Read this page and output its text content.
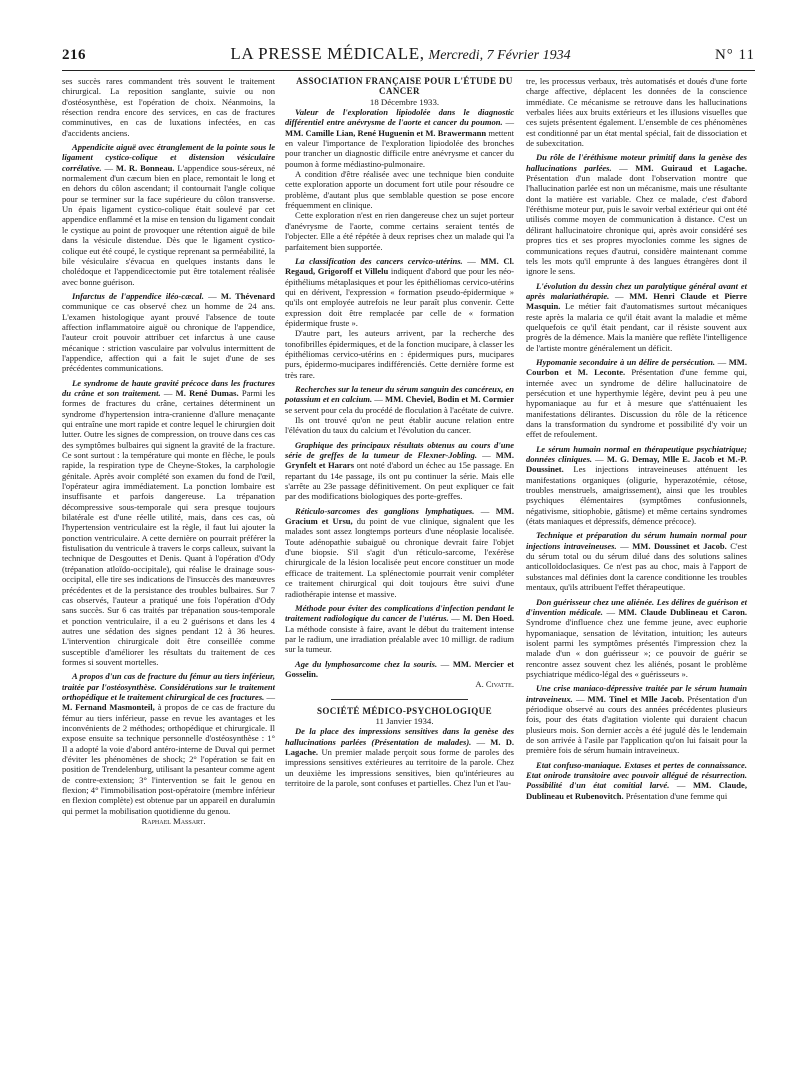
216	LA PRESSE MÉDICALE, Mercredi, 7 Février 1934	N° 11

ses succès rares commandent très souvent le traitement chirurgical. La reposition sanglante, suivie ou non d'ostéosynthèse, est l'opération de choix. Néanmoins, la résection rendra encore des services, en cas de fractures comminutives, en cas de luxations infectées, en cas d'accidents anciens.

Appendicite aiguë avec étranglement de la pointe sous le ligament cystico-colique et distension vésiculaire corrélative. — M. R. Bonneau. L'appendice sous-séreux, né normalement d'un cæcum bien en place, remontait le long et en dehors du côlon ascendant; il contournait l'angle colique pour se terminer sur la face supérieure du côlon transverse. Un épais ligament cystico-colique était soulevé par cet appendice enflammé et la mise en tension du ligament condait le cystique au point de provoquer une rétention aiguë de bile dans la vésicule distendue. Dès que le ligament cystico-colique eut été coupé, le cystique reprenant sa perméabilité, la bile vésiculaire s'évacua en quelques instants dans le cholédoque et l'appendicectomie put être totalement réalisée avec bonne guérison.

Infarctus de l'appendice iléo-cæcal. — M. Thévenard communique ce cas observé chez un homme de 24 ans. L'examen histologique ayant prouvé l'absence de toute affection inflammatoire aiguë ou chronique de l'appendice, l'auteur croit pouvoir attribuer cet infarctus à une cause mécanique : striction vasculaire par volvulus intermittent de l'appendice, affection qui a fait le sujet d'une de ses précédentes communications.

Le syndrome de haute gravité précoce dans les fractures du crâne et son traitement. — M. René Dumas. Parmi les formes de fractures du crâne, certaines déterminent un syndrome d'hypertension intra-cranienne d'allure menaçante qui entraîne une mort rapide et contre lequel le chirurgien doit lutter. Outre les signes de compression, on trouve dans ces cas des symptômes bulbaires qui signent la gravité de la fracture. Ce sont surtout : la température qui monte en flèche, le pouls rapide, la respiration type de Cheyne-Stokes, la carphologie génitale. Après avoir complété son examen du fond de l'œil, l'opérateur agira immédiatement. La ponction lombaire est insuffisante et parfois dangereuse. La trépanation décompressive sous-temporale qui sera presque toujours bilatérale est d'une réelle utilité, mais, dans ces cas, où l'hypertension ventriculaire est la règle, il faut lui ajouter la ponction ventriculaire. A cette dernière on pourrait préférer la fistulisation du ventricule à travers le corps calleux, suivant la technique de Desgouttes et Denis. Quant à l'opération d'Ody (trépanation atloïdo-occipitale), qui réalise le drainage sous-occipital, elle tire ses indications de l'insuccès des manœuvres précédentes et de la persistance des troubles bulbaires. Sur 7 cas observés, l'auteur a pratiqué une fois l'opération d'Ody sans succès. Sur 6 cas traités par trépanation sous-temporale et ponction ventriculaire, il a eu 2 guérisons et dans les 4 autres une sédation des signes pendant 12 à 36 heures. L'intervention chirurgicale doit être conseillée comme susceptible d'améliorer les résultats du traitement de ces formes si souvent mortelles.

A propos d'un cas de fracture du fémur au tiers inférieur, traitée par l'ostéosynthèse. Considérations sur le traitement orthopédique et le traitement chirurgical de ces fractures. — M. Fernand Masmonteil, à propos de ce cas de fracture du fémur au tiers inférieur, passe en revue les avantages et les inconvénients de 2 méthodes; orthopédique et chirurgicale. Il expose ensuite sa technique personnelle d'ostéosynthèse : 1° Il a adopté la voie d'abord antéro-interne de Duval qui permet d'éviter les phénomènes de shock; 2° l'opération se fait en position de Trendelenburg, utilisant la pesanteur comme agent de contre-extension; 3° l'intervention se fait le genou en flexion; 4° l'immobilisation post-opératoire (membre inférieur en flexion complète) est obtenue par un appareil en duralumin qui permet la mobilisation quotidienne du genou.

Raphael Massart.

ASSOCIATION FRANÇAISE POUR L'ÉTUDE DU CANCER

18 Décembre 1933.

Valeur de l'exploration lipiodolée dans le diagnostic différentiel entre anévrysme de l'aorte et cancer du poumon. — MM. Camille Lian, René Huguenin et M. Brawermann mettent en valeur l'importance de l'exploration lipiodolée des bronches pour trancher un diagnostic difficile entre anévrysme et cancer du poumon à forme médiastino-pulmonaire.

A condition d'être réalisée avec une technique bien conduite cette exploration apporte un document fort utile pour résoudre ce problème, d'autant plus que semblable question se pose encore fréquemment en clinique.

Cette exploration n'est en rien dangereuse chez un sujet porteur d'anévrysme de l'aorte, comme certains seraient tentés de l'objecter. Elle a été répétée à deux reprises chez un malade qui l'a parfaitement bien supportée.

La classification des cancers cervico-utérins. — MM. Cl. Regaud, Grigoroff et Villelu indiquent d'abord que pour les néo-épithéliums métaplasiques et pour les épithéliomas cervico-utérins qui en dérivent, l'expression « formation pseudo-épidermique » qu'ils ont employée autrefois ne leur paraît plus convenir. Cette expression doit être remplacée par celle de « formation épidermique fruste ».

D'autre part, les auteurs arrivent, par la recherche des tonofibrilles épidermiques, et de la fonction mucipare, à classer les épithéliomas cervico-utérins en : épidermiques purs, mucipares purs, épidermo-mucipares indifférenciés. Cette dernière forme est très rare.

Recherches sur la teneur du sérum sanguin des cancéreux, en potassium et en calcium. — MM. Cheviel, Bodin et M. Cormier se servent pour cela du procédé de floculation à l'acétate de cuivre.

Ils ont trouvé qu'on ne peut établir aucune relation entre l'élévation du taux du calcium et l'évolution du cancer.

Graphique des principaux résultats obtenus au cours d'une série de greffes de la tumeur de Flexner-Jobling. — MM. Grynfelt et Harars ont noté d'abord un échec au 15e passage. En repartant du 14e passage, ils ont pu continuer la série. Mais elle s'arrête au 23e passage définitivement. On peut expliquer ce fait par des modifications biologiques des porte-greffes.

Réticulo-sarcomes des ganglions lymphatiques. — MM. Gracium et Ursu, du point de vue clinique, signalent que les malades sont assez longtemps porteurs d'une néoplasie localisée. Toute adénopathie subaiguë ou chronique devrait faire l'objet d'une biopsie. S'il s'agit d'un réticulo-sarcome, l'exérèse chirurgicale de la lésion localisée peut encore constituer un mode efficace de traitement. La splénectomie pourrait venir compléter ce traitement chirurgical qui doit toujours être suivi d'une radiothérapie intense et massive.

Méthode pour éviter des complications d'infection pendant le traitement radiologique du cancer de l'utérus. — M. Den Hoed. La méthode consiste à faire, avant le début du traitement intense par le radium, une irradiation préalable avec 10 milligr. de radium sur la tumeur.

Age du lymphosarcome chez la souris. — MM. Mercier et Gosselin.

A. Civatte.

SOCIÉTÉ MÉDICO-PSYCHOLOGIQUE

11 Janvier 1934.

De la place des impressions sensitives dans la genèse des hallucinations parlées (Présentation de malades). — M. D. Lagache. Un premier malade perçoit sous forme de paroles des impressions sensitives extérieures au territoire de la parole. Chez un deuxième les impressions sensitives, bien qu'intérieures au territoire de la parole, sont confuses et partielles. Chez l'un et l'au-

tre, les processus verbaux, très automatisés et doués d'une forte charge affective, déplacent les données de la conscience immédiate. Ce mécanisme se retrouve dans les hallucinations verbales liées aux bruits extérieurs et les illusions visuelles que ces sujets présentent également. L'ensemble de ces phénomènes est conditionné par un état mental spécial, fait de dissociation et de subexcitation.

Du rôle de l'éréthisme moteur primitif dans la genèse des hallucinations parlées. — MM. Guiraud et Lagache. Présentation d'un malade dont l'observation montre que l'hallucination parlée est non un mécanisme, mais une résultante dont la matière est variable. Chez ce malade, c'est d'abord l'éréthisme moteur pur, puis le savoir verbal extérieur qui ont été utilisés comme moyen de communication à distance. C'est un délirant hallucinatoire chronique qui, après avoir considéré ses propres tics et ses propres myoclonies comme les signes de communications reçues d'autrui, considère maintenant comme tels les mots qu'il emprunte à des langues étrangères dont il ignore le sens.

L'évolution du dessin chez un paralytique général avant et après malariathérapie. — MM. Henri Claude et Pierre Masquin. Le métier fait d'automatismes surtout mécaniques reste après la malaria ce qu'il était avant la maladie et même quelquefois ce qu'il était pendant, car il résiste souvent aux progrès de la démence. Mais la manière que reflète l'intelligence de l'artiste montre généralement un déficit.

Hypomanie secondaire à un délire de persécution. — MM. Courbon et M. Leconte. Présentation d'une femme qui, internée avec un syndrome de délire hallucinatoire de persécution et une hyperthymie légère, devint peu à peu une hypomaniaque au fur et à mesure que s'atténuaient les manifestations délirantes. Discussion du rôle de la réticence dans la transformation du syndrome et possibilité d'y voir un effet de refoulement.

Le sérum humain normal en thérapeutique psychiatrique; données cliniques. — M. G. Demay, Mlle E. Jacob et M.-P. Doussinet. Les injections intraveineuses atténuent les manifestations organiques (oligurie, hyperazotémie, cétose, troubles menstruels, amaigrissement), ainsi que les troubles psychiques élémentaires (symptômes confusionnels, négativisme, sitiophobie, gâtisme) et même certains syndromes (états maniaques et dépressifs, démence précoce).

Technique et préparation du sérum humain normal pour injections intraveineuses. — MM. Doussinet et Jacob. C'est du sérum total ou du sérum dilué dans des solutions salines anticolloïdoclasiques. Ce n'est pas au choc, mais à l'apport de substances mal définies dont la carence conditionne les troubles mentaux, qu'ils attribuent l'effet thérapeutique.

Don guérisseur chez une aliénée. Les délires de guérison et d'invention médicale. — MM. Claude Dublineau et Caron. Syndrome d'influence chez une femme jeune, avec euphorie hypomaniaque, sensation de lévitation, intuition; les auteurs isolent parmi les symptômes présentés l'impression chez la malade d'un « don guérisseur »; ce pouvoir de guérir se rencontre assez souvent chez les aliénés, posant le problème psychiatrique médico-légal des « guérisseurs ».

Une crise maniaco-dépressive traitée par le sérum humain intraveineux. — MM. Tinel et Mlle Jacob. Présentation d'un périodique observé au cours des années précédentes plusieurs fois, pour des états d'agitation violente qui duraient chacun plusieurs mois. Son dernier accès a été jugulé dès le lendemain de son arrivée à l'asile par l'application qu'on lui faisait pour la première fois de sérum humain intraveineux.

Etat confuso-maniaque. Extases et pertes de connaissance. Etat onirode transitoire avec pouvoir allégué de résurrection. Possibilité d'un état comitial larvé. — MM. Claude, Dublineau et Rubenovitch. Présentation d'une femme qui
